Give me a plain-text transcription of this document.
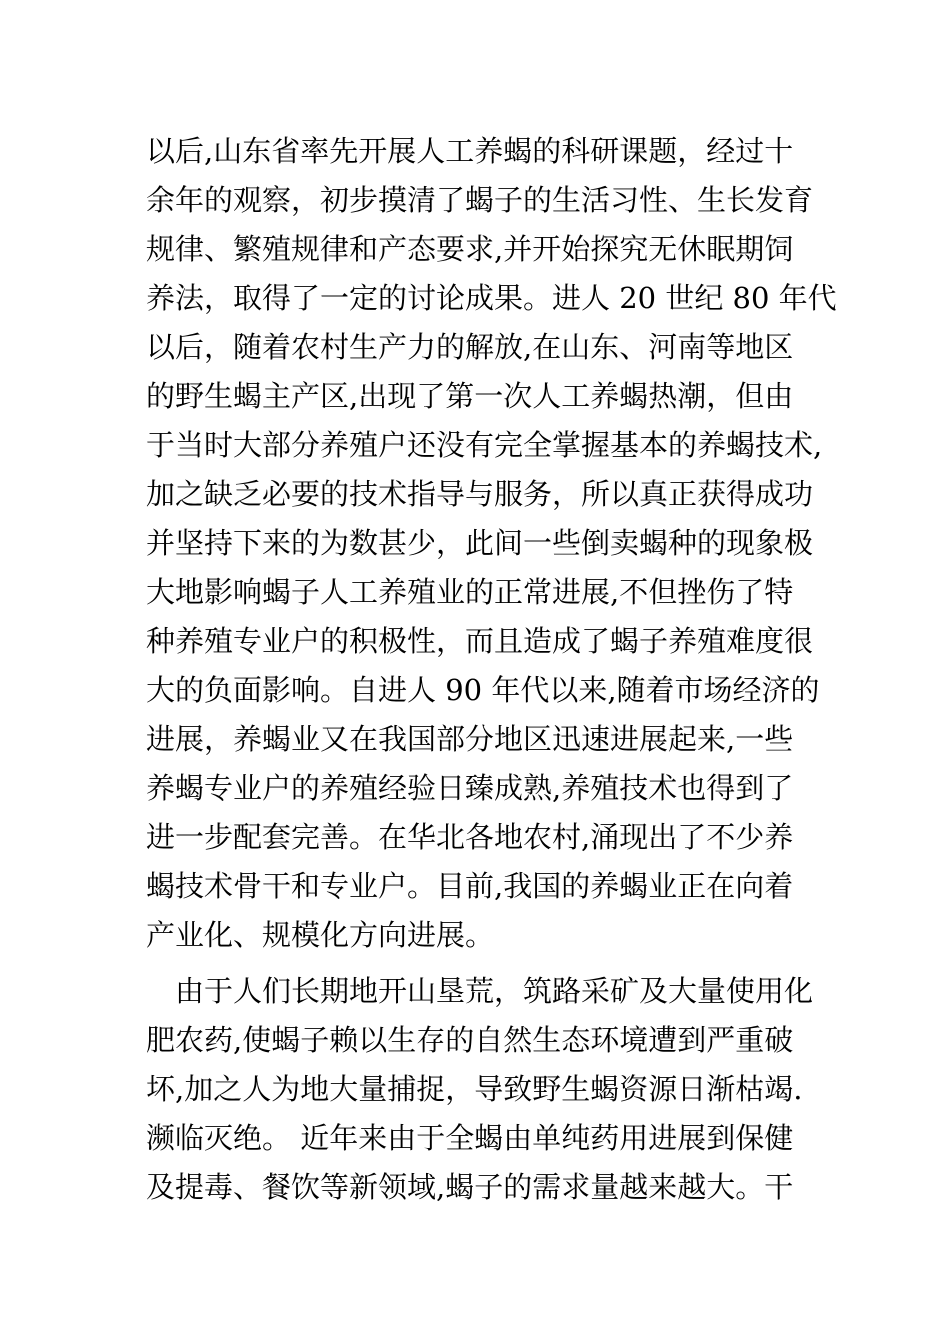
以后,山东省率先开展人工养蝎的科研课题，经过十
余年的观察，初步摸清了蝎子的生活习性、生长发育
规律、繁殖规律和产态要求,并开始探究无休眠期饲
养法，取得了一定的讨论成果。进人 20 世纪 80 年代
以后，随着农村生产力的解放,在山东、河南等地区
的野生蝎主产区,出现了第一次人工养蝎热潮，但由
于当时大部分养殖户还没有完全掌握基本的养蝎技术,
加之缺乏必要的技术指导与服务，所以真正获得成功
并坚持下来的为数甚少，此间一些倒卖蝎种的现象极
大地影响蝎子人工养殖业的正常进展,不但挫伤了特
种养殖专业户的积极性，而且造成了蝎子养殖难度很
大的负面影响。自进人 90 年代以来,随着市场经济的
进展，养蝎业又在我国部分地区迅速进展起来,一些
养蝎专业户的养殖经验日臻成熟,养殖技术也得到了
进一步配套完善。在华北各地农村,涌现出了不少养
蝎技术骨干和专业户。目前,我国的养蝎业正在向着
产业化、规模化方向进展。
由于人们长期地开山垦荒，筑路采矿及大量使用化
肥农药,使蝎子赖以生存的自然生态环境遭到严重破
坏,加之人为地大量捕捉，导致野生蝎资源日渐枯竭.
濒临灭绝。 近年来由于全蝎由单纯药用进展到保健
及提毒、餐饮等新领域,蝎子的需求量越来越大。干
